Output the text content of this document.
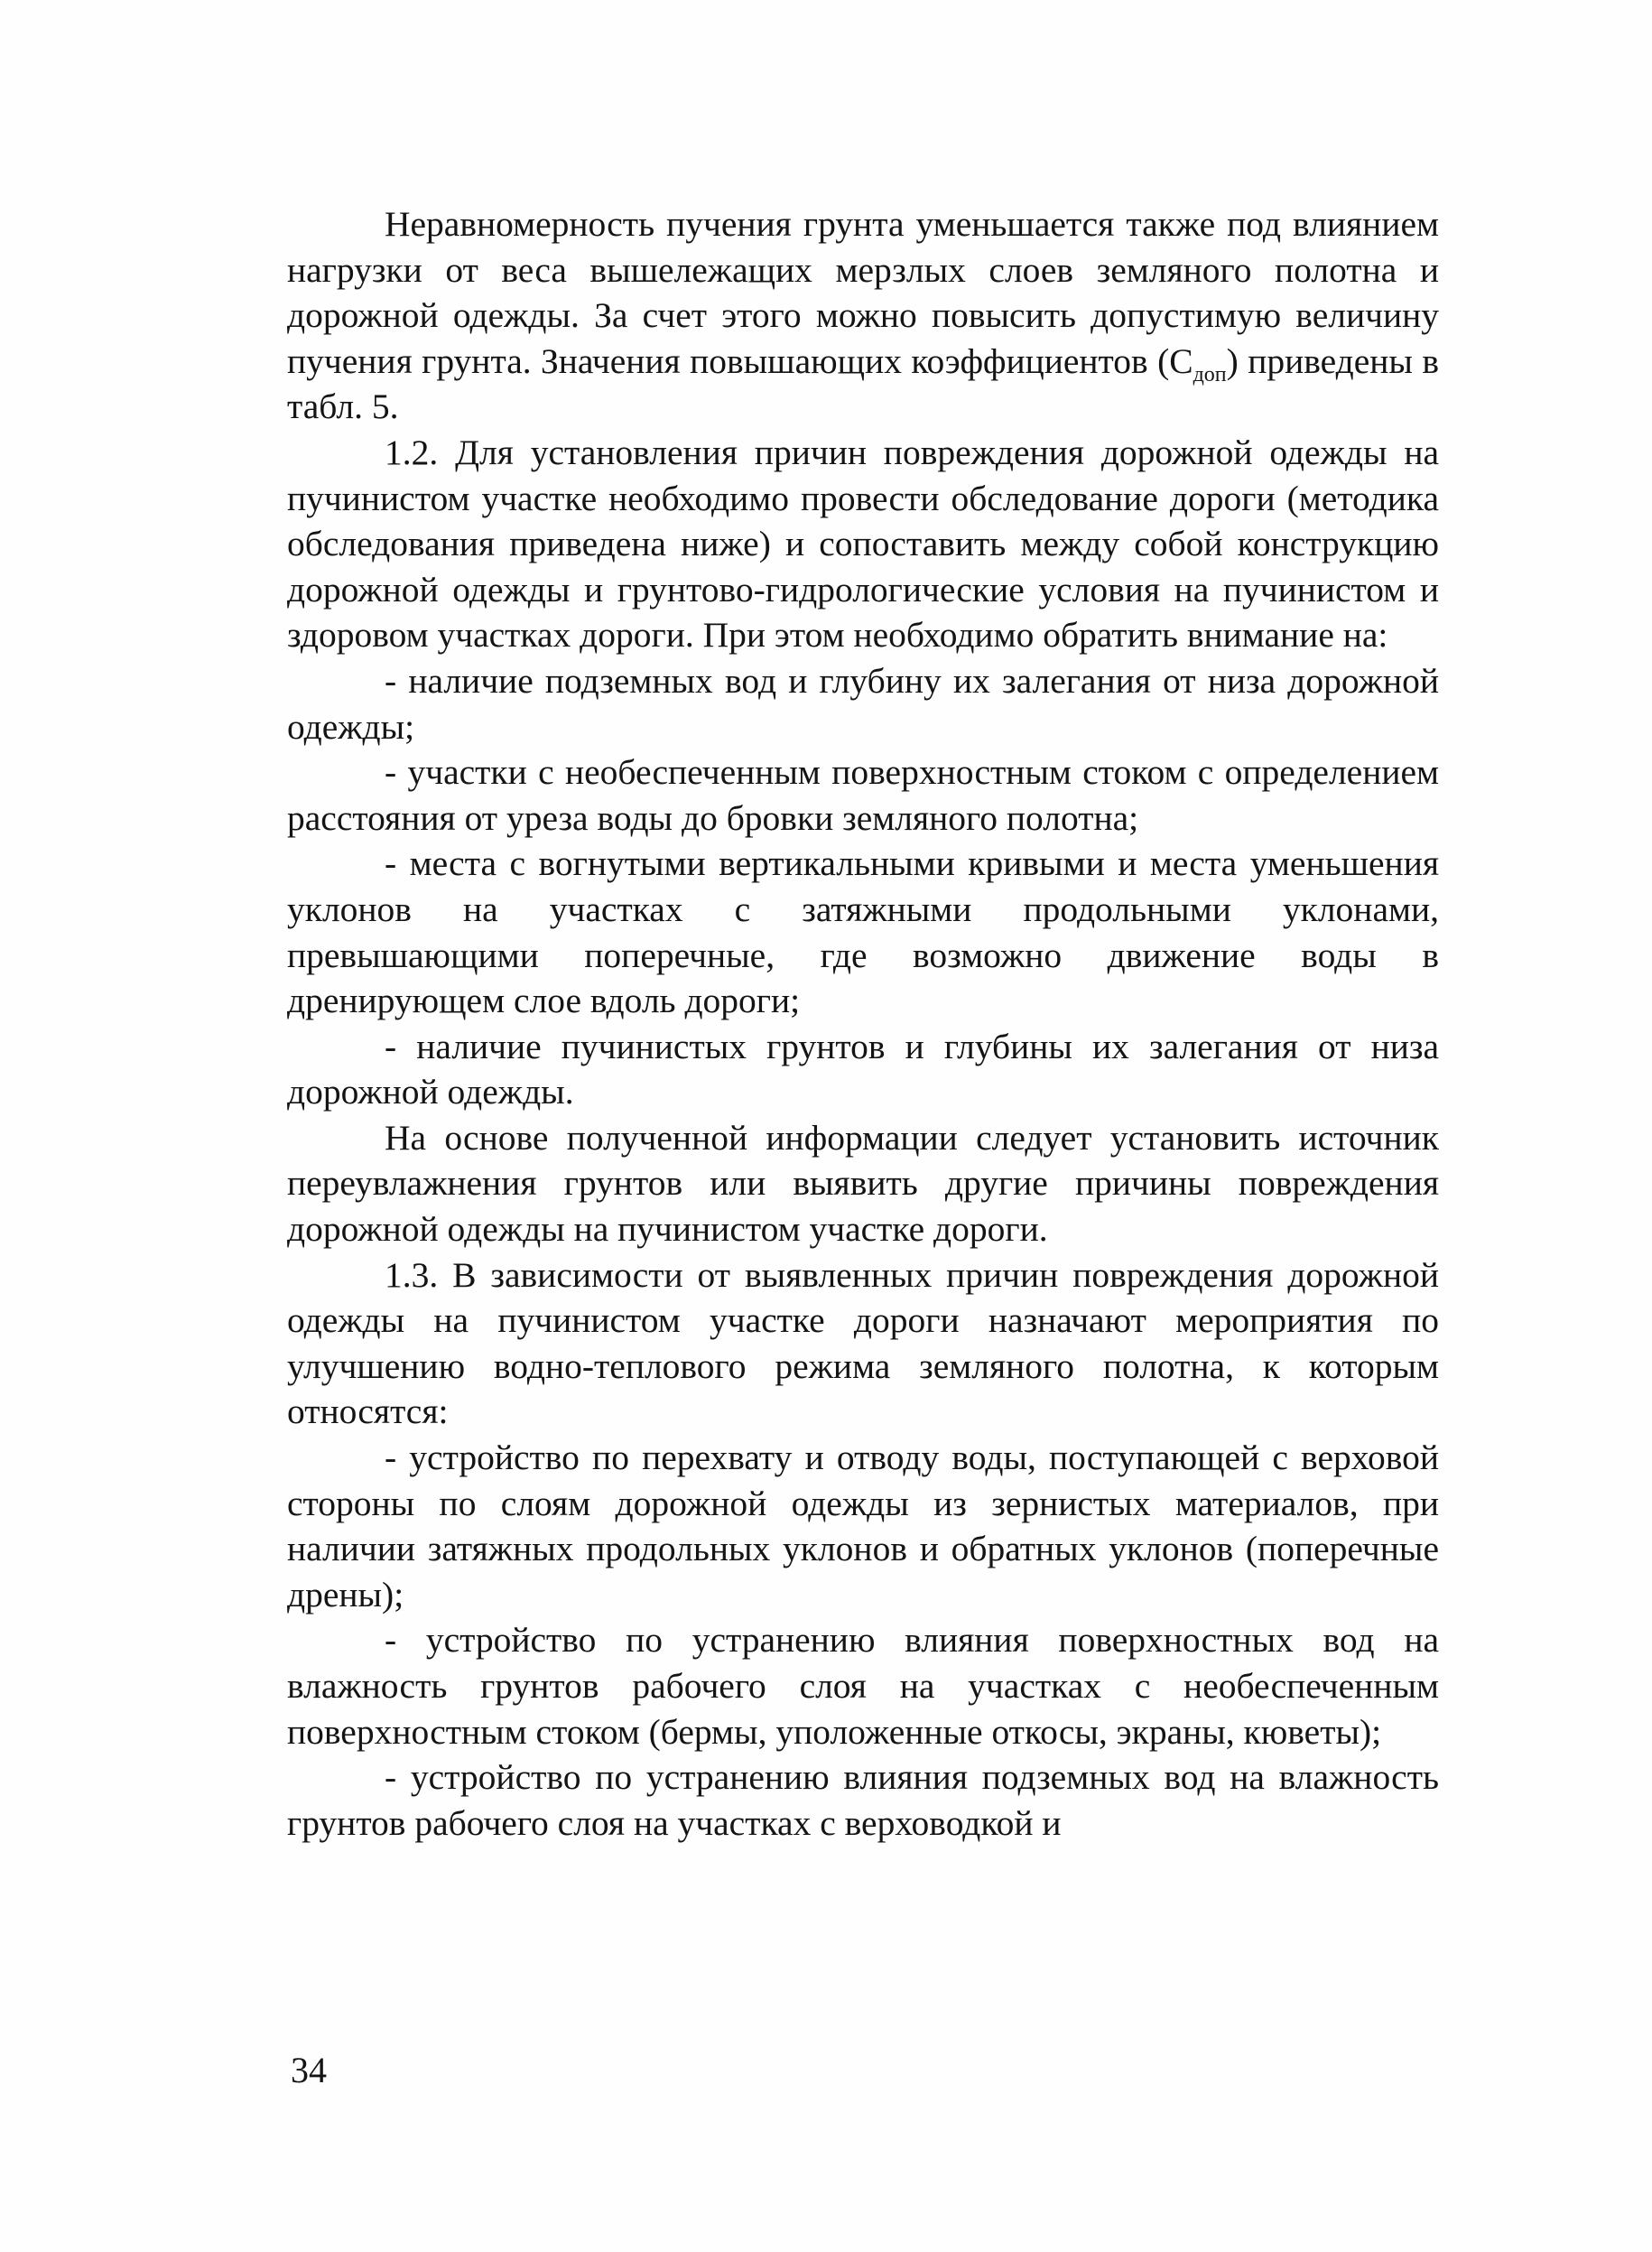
Неравномерность пучения грунта уменьшается также под влиянием нагрузки от веса вышележащих мерзлых слоев земляного полотна и дорожной одежды. За счет этого можно повысить допустимую величину пучения грунта. Значения повышающих коэффициентов $(С_{доп})$ приведены в табл. 5.

1.2. Для установления причин повреждения дорожной одежды на пучинистом участке необходимо провести обследование дороги (методика обследования приведена ниже) и сопоставить между собой конструкцию дорожной одежды и грунтово-гидрологические условия на пучинистом и здоровом участках дороги. При этом необходимо обратить внимание на:

- наличие подземных вод и глубину их залегания от низа дорожной одежды;

- участки с необеспеченным поверхностным стоком с определением расстояния от уреза воды до бровки земляного полотна;

- места с вогнутыми вертикальными кривыми и места уменьшения уклонов на участках с затяжными продольными уклонами, превышающими поперечные, где возможно движение воды в дренирующем слое вдоль дороги;

- наличие пучинистых грунтов и глубины их залегания от низа дорожной одежды.

На основе полученной информации следует установить источник переувлажнения грунтов или выявить другие причины повреждения дорожной одежды на пучинистом участке дороги.

1.3. В зависимости от выявленных причин повреждения дорожной одежды на пучинистом участке дороги назначают мероприятия по улучшению водно-теплового режима земляного полотна, к которым относятся:

- устройство по перехвату и отводу воды, поступающей с верховой стороны по слоям дорожной одежды из зернистых материалов, при наличии затяжных продольных уклонов и обратных уклонов (поперечные дрены);

- устройство по устранению влияния поверхностных вод на влажность грунтов рабочего слоя на участках с необеспеченным поверхностным стоком (бермы, уположенные откосы, экраны, кюветы);

- устройство по устранению влияния подземных вод на влажность грунтов рабочего слоя на участках с верховодкой и

34
